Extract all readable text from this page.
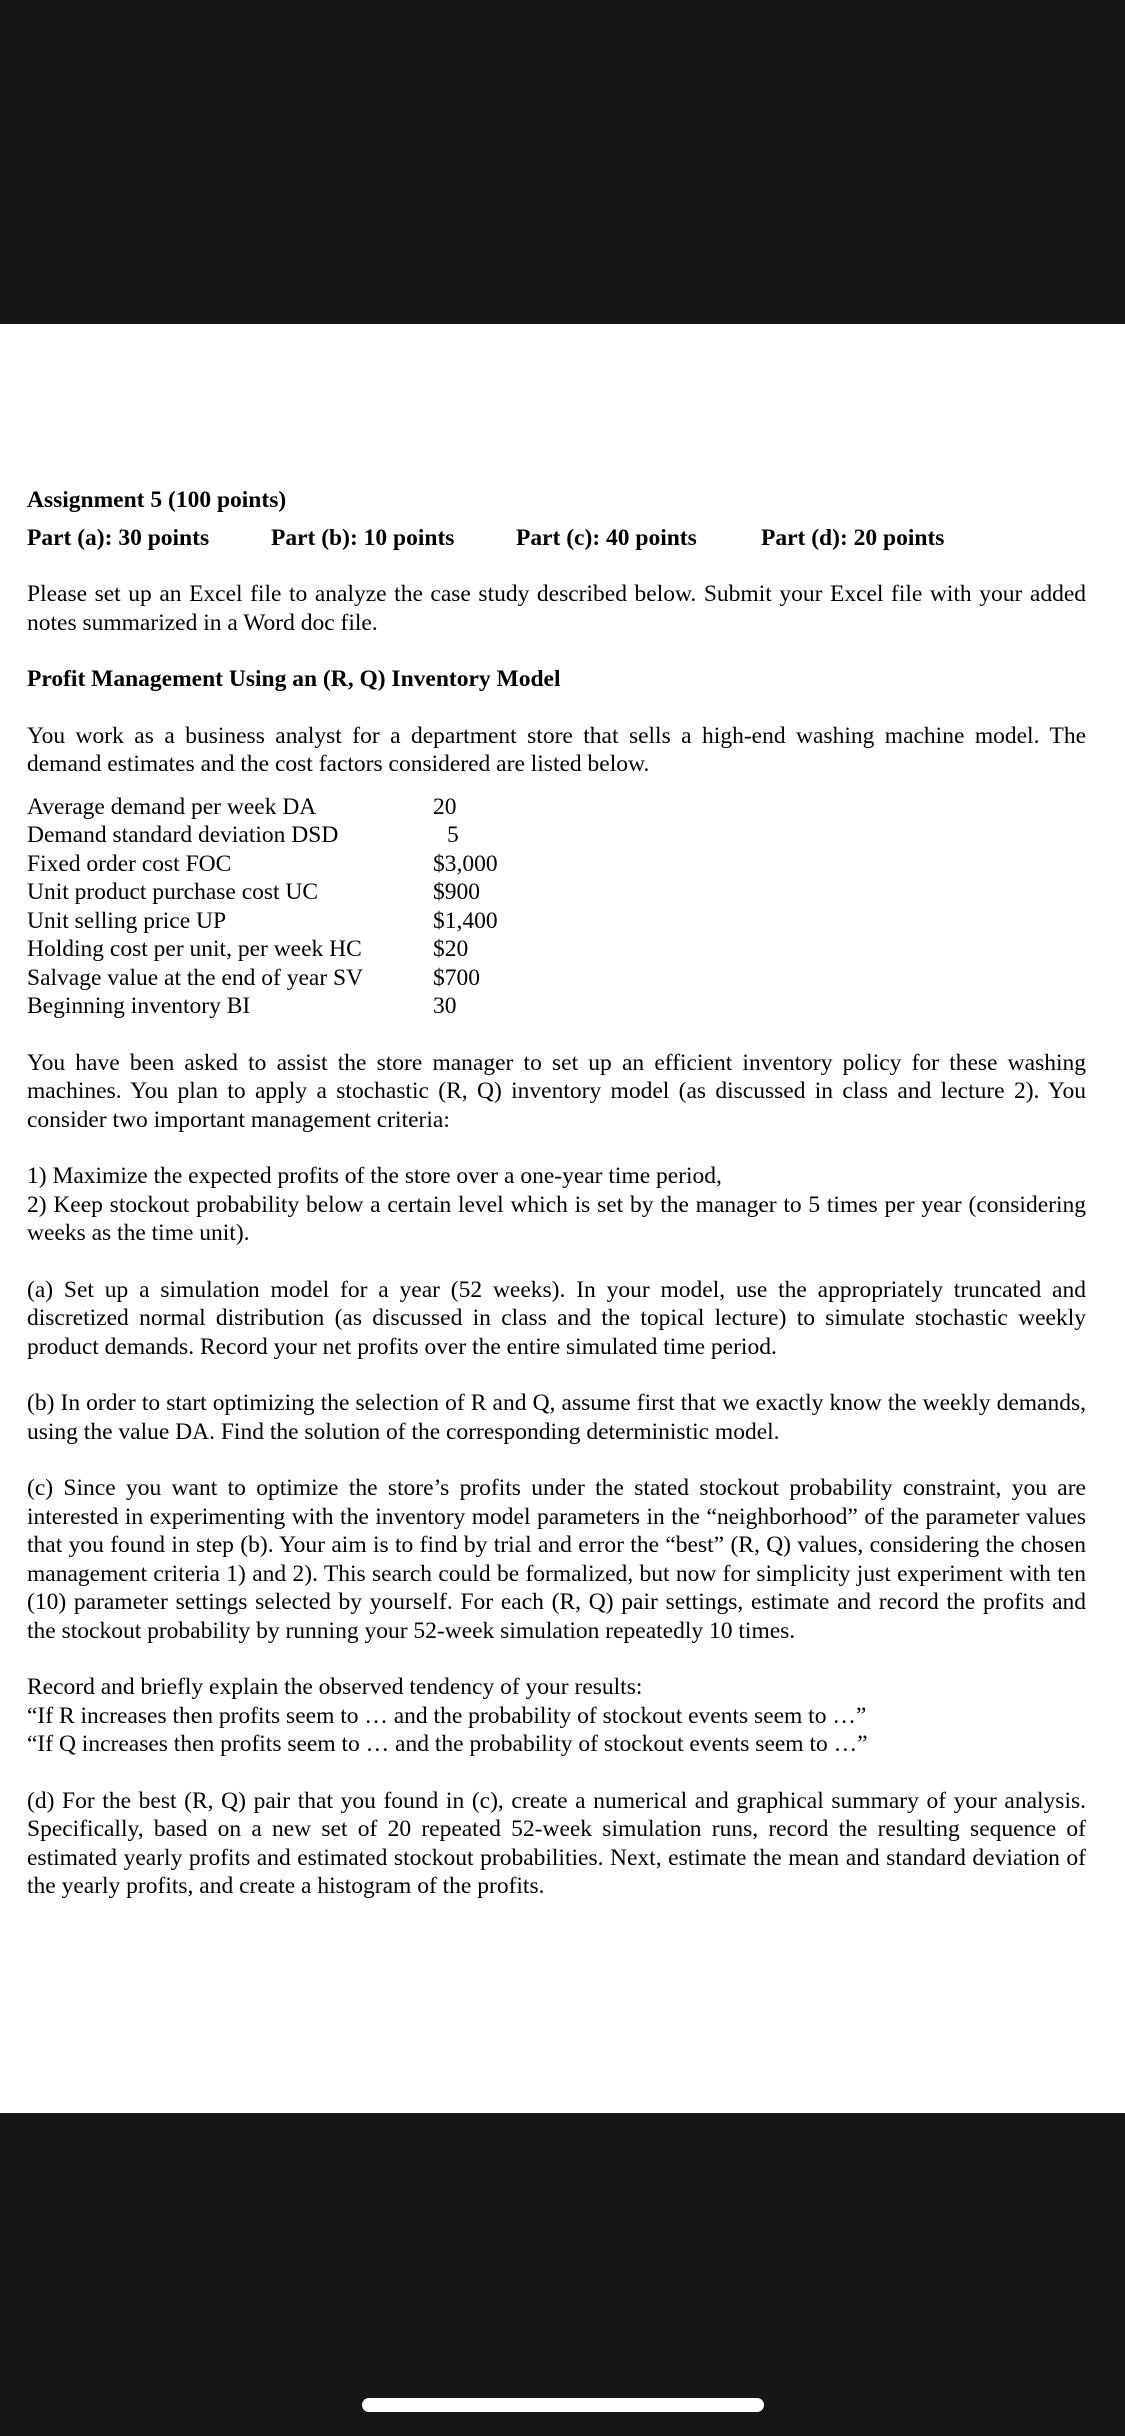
Assignment 5 (100 points)

Part (a): 30 points	Part (b): 10 points	Part (c): 40 points	Part (d): 20 points

Please set up an Excel file to analyze the case study described below. Submit your Excel file with your added notes summarized in a Word doc file.

Profit Management Using an (R, Q) Inventory Model

You work as a business analyst for a department store that sells a high-end washing machine model. The demand estimates and the cost factors considered are listed below.

Average demand per week DA	20
Demand standard deviation DSD	5
Fixed order cost FOC	$3,000
Unit product purchase cost UC	$900
Unit selling price UP	$1,400
Holding cost per unit, per week HC	$20
Salvage value at the end of year SV	$700
Beginning inventory BI	30

You have been asked to assist the store manager to set up an efficient inventory policy for these washing machines. You plan to apply a stochastic (R, Q) inventory model (as discussed in class and lecture 2). You consider two important management criteria:

1) Maximize the expected profits of the store over a one-year time period,

2) Keep stockout probability below a certain level which is set by the manager to 5 times per year (considering weeks as the time unit).

(a) Set up a simulation model for a year (52 weeks). In your model, use the appropriately truncated and discretized normal distribution (as discussed in class and the topical lecture) to simulate stochastic weekly product demands. Record your net profits over the entire simulated time period.

(b) In order to start optimizing the selection of R and Q, assume first that we exactly know the weekly demands, using the value DA. Find the solution of the corresponding deterministic model.

(c) Since you want to optimize the store’s profits under the stated stockout probability constraint, you are interested in experimenting with the inventory model parameters in the “neighborhood” of the parameter values that you found in step (b). Your aim is to find by trial and error the “best” (R, Q) values, considering the chosen management criteria 1) and 2). This search could be formalized, but now for simplicity just experiment with ten (10) parameter settings selected by yourself. For each (R, Q) pair settings, estimate and record the profits and the stockout probability by running your 52-week simulation repeatedly 10 times.

Record and briefly explain the observed tendency of your results:

“If R increases then profits seem to … and the probability of stockout events seem to …”

“If Q increases then profits seem to … and the probability of stockout events seem to …”

(d) For the best (R, Q) pair that you found in (c), create a numerical and graphical summary of your analysis. Specifically, based on a new set of 20 repeated 52-week simulation runs, record the resulting sequence of estimated yearly profits and estimated stockout probabilities. Next, estimate the mean and standard deviation of the yearly profits, and create a histogram of the profits.
